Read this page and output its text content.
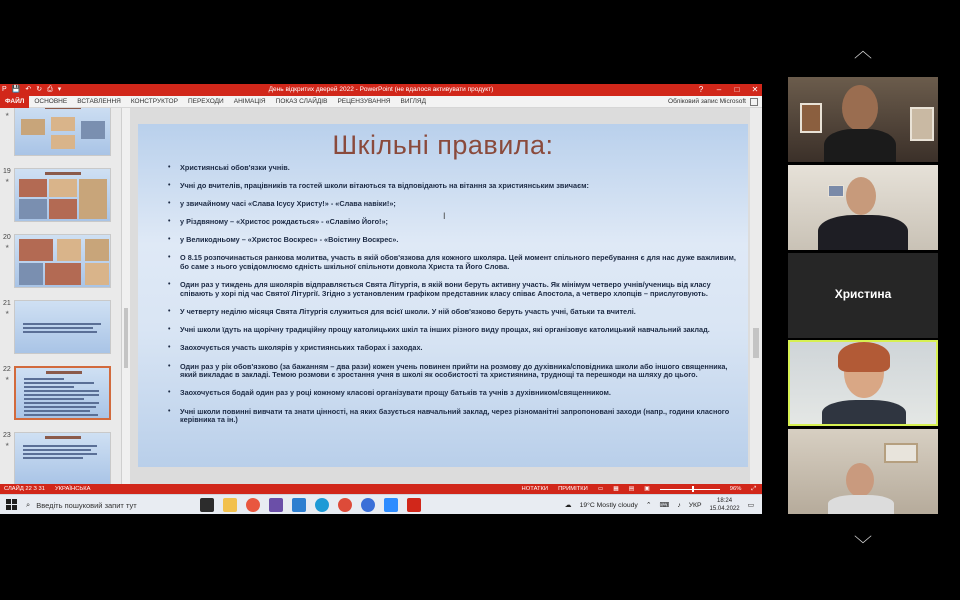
︿
P 💾 ↶ ↻ ⎙ ▾	День відкритих дверей 2022 - PowerPoint (не вдалося активувати продукт)	?	–	□	✕
ФАЙЛ	ОСНОВНЕ	ВСТАВЛЕННЯ	КОНСТРУКТОР	ПЕРЕХОДИ	АНІМАЦІЯ	ПОКАЗ СЛАЙДІВ	РЕЦЕНЗУВАННЯ	ВИГЛЯД	Обліковий запис Microsoft
★
19
★
20
★
21
★
22
★
23
★
Шкільні правила:
• Християнські обов'язки учнів.
• Учні до вчителів, працівників та гостей школи вітаються та відповідають на вітання за християнським звичаєм:
• у звичайному часі «Слава Ісусу Христу!» - «Слава навіки!»;
• у Різдвяному – «Христос рождається» - «Славімо Його!»;
• у Великодньому – «Христос Воскрес» - «Воістину Воскрес».
• О 8.15 розпочинається ранкова молитва, участь в якій обов'язкова для кожного школяра. Цей момент спільного перебування є для нас дуже важливим, бо саме з нього усвідомлюємо єдність шкільної спільноти довкола Христа та Його Слова.
• Один раз у тиждень для школярів відправляється Свята Літургія, в якій вони беруть активну участь. Як мінімум четверо учнів/учениць від класу співають у хорі під час Святої Літургії. Згідно з установленим графіком представник класу співає Апостола, а четверо хлопців – прислуговують.
• У четверту неділю місяця Свята Літургія служиться для всієї школи. У ній обов'язково беруть участь учні, батьки та вчителі.
• Учні школи їдуть на щорічну традиційну прощу католицьких шкіл та інших різного виду прощах, які організовує католицький навчальний заклад.
• Заохочується участь школярів у християнських таборах і заходах.
• Один раз у рік обов'язково (за бажанням – два рази) кожен учень повинен прийти на розмову до духівника/сповідника школи або іншого священника, який викладає в закладі. Темою розмови є зростання учня в школі як особистості та християнина, труднощі та перешкоди на шляху до цього.
• Заохочується бодай один раз у році кожному класові організувати прощу батьків та учнів з духівником/священником.
• Учні школи повинні вивчати та знати цінності, на яких базується навчальний заклад, через різноманітні запропоновані заходи (напр., години класного керівника та ін.)
I
СЛАЙД 22 З 31 УКРАЇНСЬКА	НОТАТКИ ПРИМІТКИ ▭ ▦ ▤ ▣	96% ⤢
⌕ Введіть пошуковий запит тут	☁ 19°C Mostly cloudy ⌃ ⌨ ♪ УКР
18:24
15.04.2022 ▭
Христина
﹀
